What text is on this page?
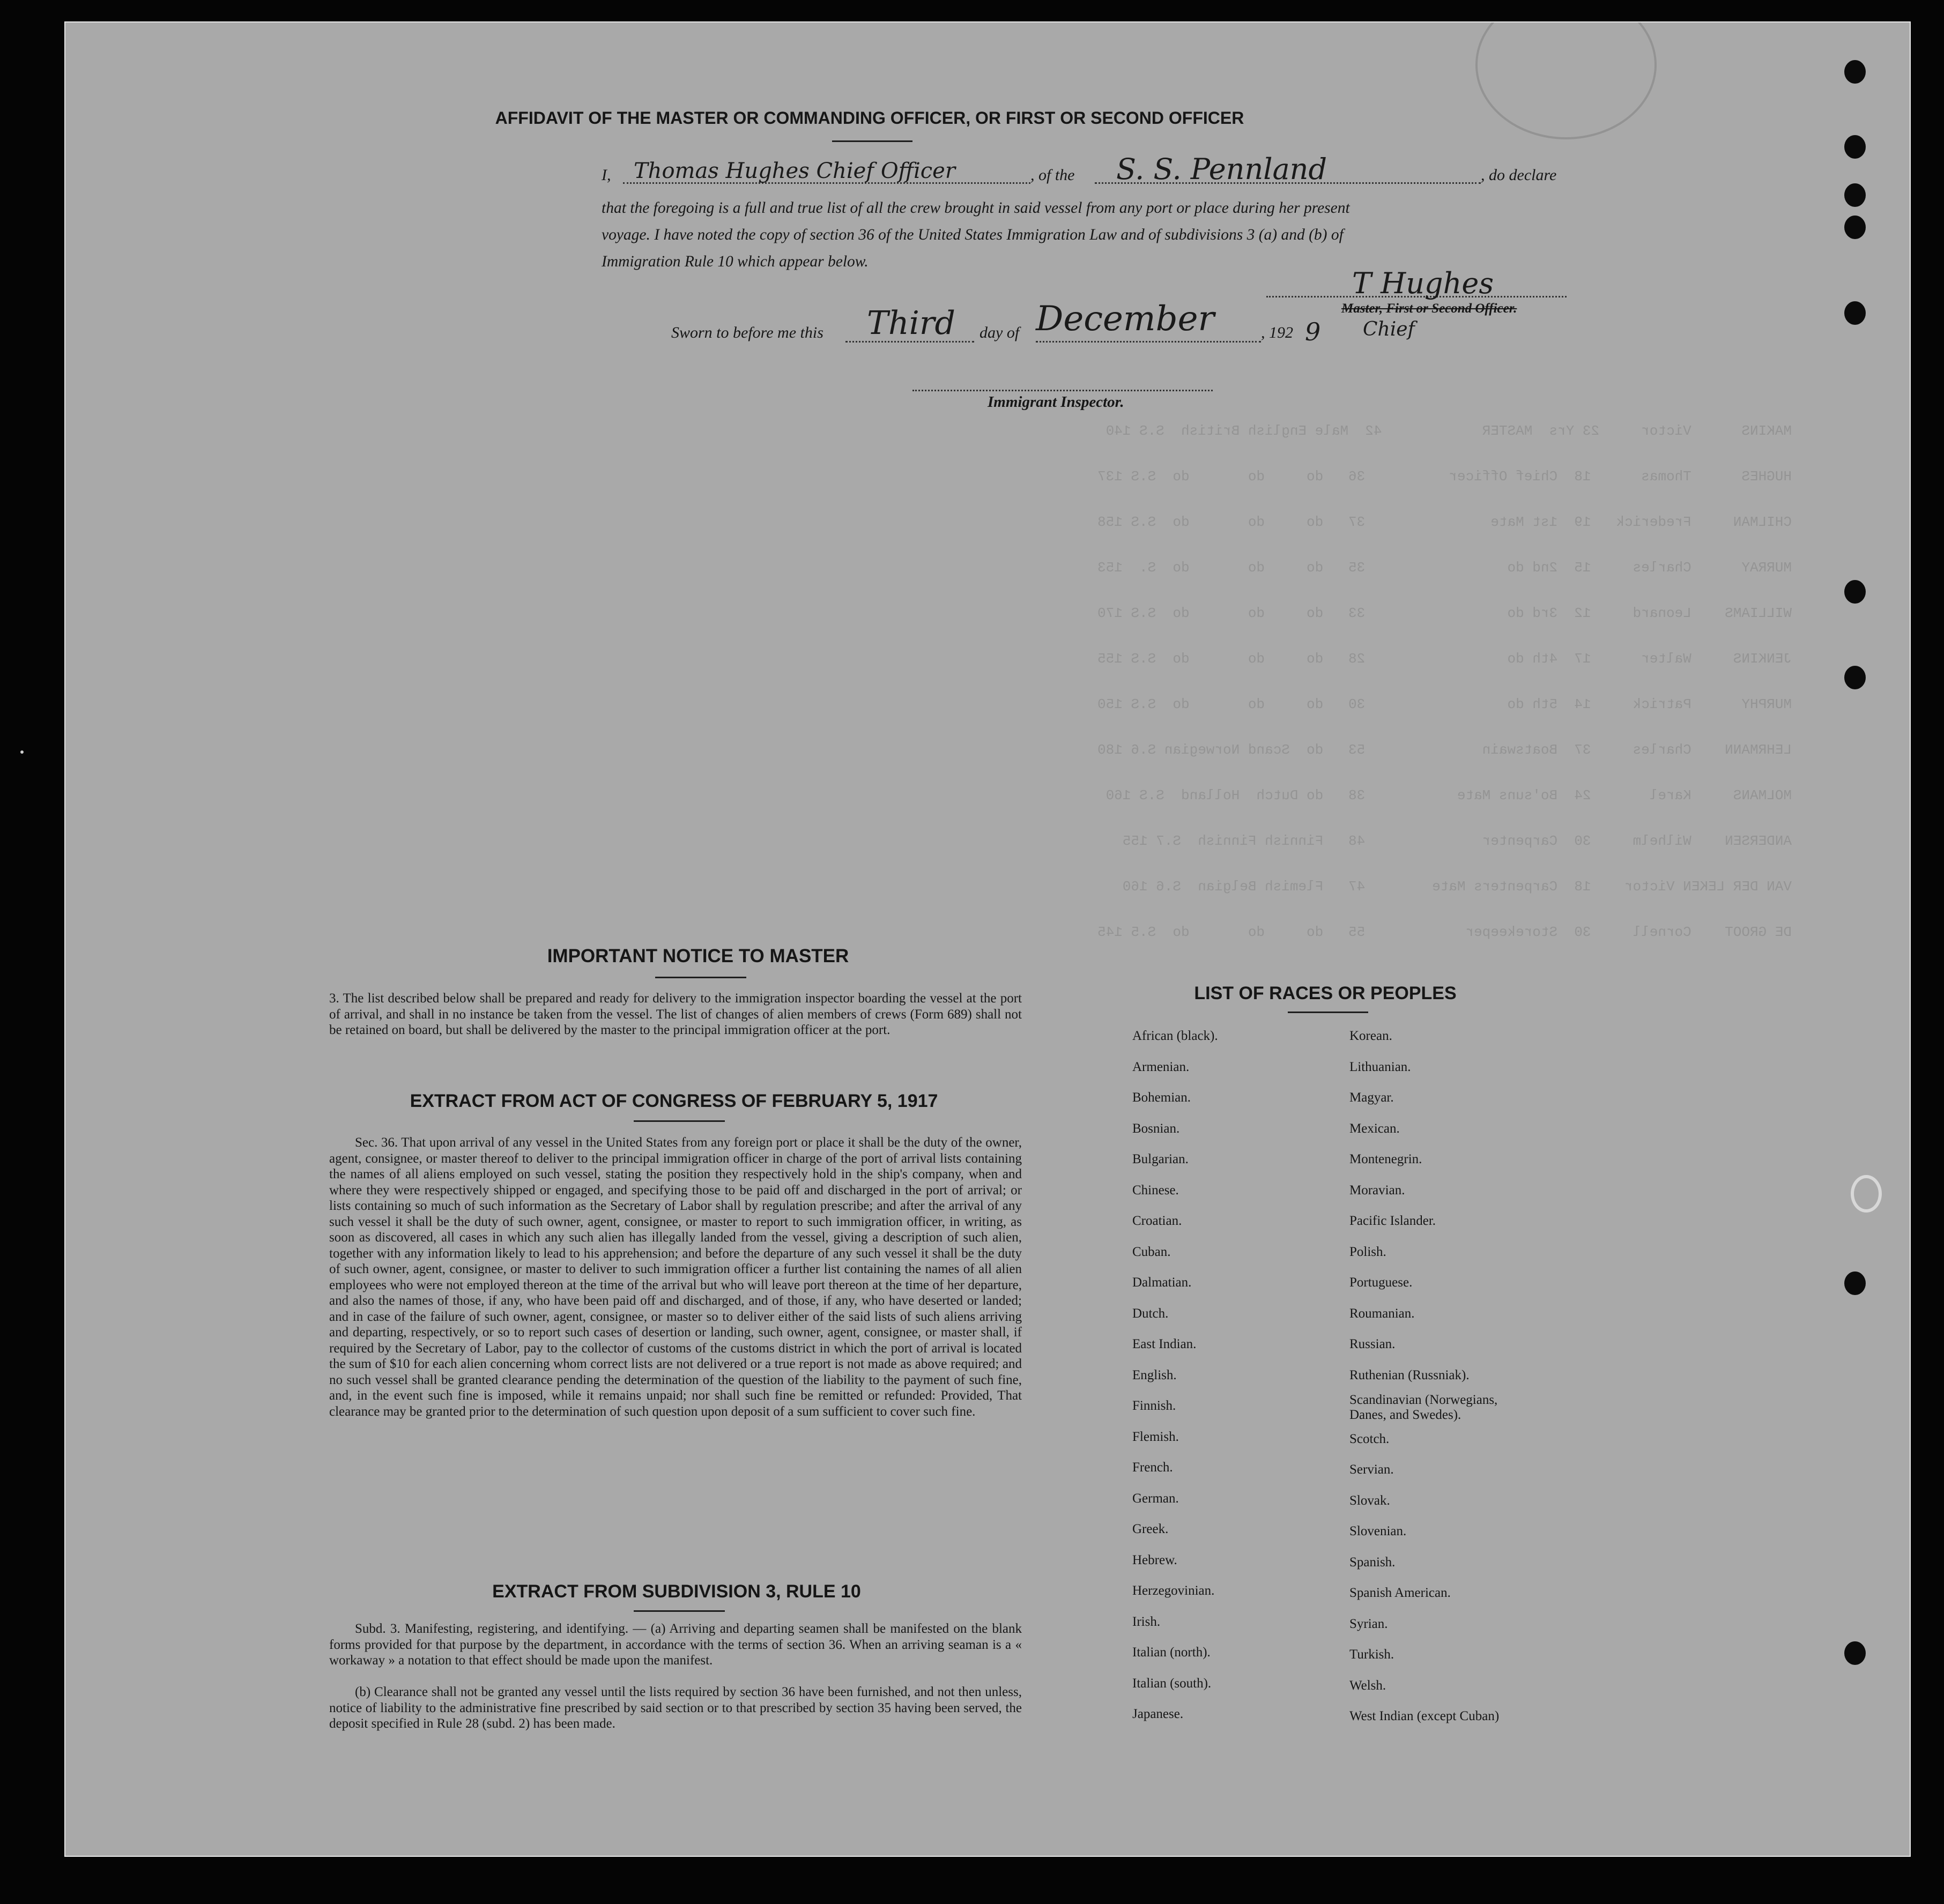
MAKINS      Victor     23 Yrs  MASTER            42  Male English British  S.S 140
HUGHES      Thomas      18  Chief Officer          36   do     do       do  S.S 137
CHILMAN     Frederick   19  1st Mate               37   do     do       do  S.S 158
MURRAY      Charles     15  2nd do                 35   do     do       do  S.  153
WILLIAMS    Leonard     12  3rd do                 33   do     do       do  S.S 170
JENKINS     Walter      17  4th do                 28   do     do       do  S.S 155
MURPHY      Patrick     14  5th do                 30   do     do       do  S.S 150
LEHRMANN    Charles     37  Boatswain              53   do  Scand Norwegian S.6 180
MOLMANS     Karel       24  Bo'suns Mate           38   do Dutch  Holland  S.S 160
ANDERSEN    Wilhelm     30  Carpenter              48   Finnish Finnish  S.7 155
VAN DER LEKEN Victor    18  Carpenters Mate        47   Flemish Belgian  S.6 160
DE GROOT    Cornell     30  Storekeeper            55   do     do       do  S.5 145
AFFIDAVIT OF THE MASTER OR COMMANDING OFFICER, OR FIRST OR SECOND OFFICER
I, Thomas Hughes Chief Officer	, of the S. S. Pennland	, do declare
that the foregoing is a full and true list of all the crew brought in said vessel from any port or place during her present
voyage. I have noted the copy of section 36 of the United States Immigration Law and of subdivisions 3 (a) and (b) of
Immigration Rule 10 which appear below.
T Hughes
Master, First or Second Officer.
Chief
Sworn to before me this Third day of December	, 192 9
Immigrant Inspector.
IMPORTANT NOTICE TO MASTER
3. The list described below shall be prepared and ready for delivery to the immigration inspector boarding the vessel at the port of arrival, and shall in no instance be taken from the vessel. The list of changes of alien members of crews (Form 689) shall not be retained on board, but shall be delivered by the master to the principal immigration officer at the port.
EXTRACT FROM ACT OF CONGRESS OF FEBRUARY 5, 1917
Sec. 36. That upon arrival of any vessel in the United States from any foreign port or place it shall be the duty of the owner, agent, consignee, or master thereof to deliver to the principal immigration officer in charge of the port of arrival lists containing the names of all aliens employed on such vessel, stating the position they respectively hold in the ship's company, when and where they were respectively shipped or engaged, and specifying those to be paid off and discharged in the port of arrival; or lists containing so much of such information as the Secretary of Labor shall by regulation prescribe; and after the arrival of any such vessel it shall be the duty of such owner, agent, consignee, or master to report to such immigration officer, in writing, as soon as discovered, all cases in which any such alien has illegally landed from the vessel, giving a description of such alien, together with any information likely to lead to his apprehension; and before the departure of any such vessel it shall be the duty of such owner, agent, consignee, or master to deliver to such immigration officer a further list containing the names of all alien employees who were not employed thereon at the time of the arrival but who will leave port thereon at the time of her departure, and also the names of those, if any, who have been paid off and discharged, and of those, if any, who have deserted or landed; and in case of the failure of such owner, agent, consignee, or master so to deliver either of the said lists of such aliens arriving and departing, respectively, or so to report such cases of desertion or landing, such owner, agent, consignee, or master shall, if required by the Secretary of Labor, pay to the collector of customs of the customs district in which the port of arrival is located the sum of $10 for each alien concerning whom correct lists are not delivered or a true report is not made as above required; and no such vessel shall be granted clearance pending the determination of the question of the liability to the payment of such fine, and, in the event such fine is imposed, while it remains unpaid; nor shall such fine be remitted or refunded: Provided, That clearance may be granted prior to the determination of such question upon deposit of a sum sufficient to cover such fine.
EXTRACT FROM SUBDIVISION 3, RULE 10
Subd. 3. Manifesting, registering, and identifying. — (a) Arriving and departing seamen shall be manifested on the blank forms provided for that purpose by the department, in accordance with the terms of section 36. When an arriving seaman is a « workaway » a notation to that effect should be made upon the manifest.
(b) Clearance shall not be granted any vessel until the lists required by section 36 have been furnished, and not then unless, notice of liability to the administrative fine prescribed by said section or to that prescribed by section 35 having been served, the deposit specified in Rule 28 (subd. 2) has been made.
LIST OF RACES OR PEOPLES
African (black).
Armenian.
Bohemian.
Bosnian.
Bulgarian.
Chinese.
Croatian.
Cuban.
Dalmatian.
Dutch.
East Indian.
English.
Finnish.
Flemish.
French.
German.
Greek.
Hebrew.
Herzegovinian.
Irish.
Italian (north).
Italian (south).
Japanese.
Korean.
Lithuanian.
Magyar.
Mexican.
Montenegrin.
Moravian.
Pacific Islander.
Polish.
Portuguese.
Roumanian.
Russian.
Ruthenian (Russniak).
Scandinavian (Norwegians, Danes, and Swedes).
Scotch.
Servian.
Slovak.
Slovenian.
Spanish.
Spanish American.
Syrian.
Turkish.
Welsh.
West Indian (except Cuban)
